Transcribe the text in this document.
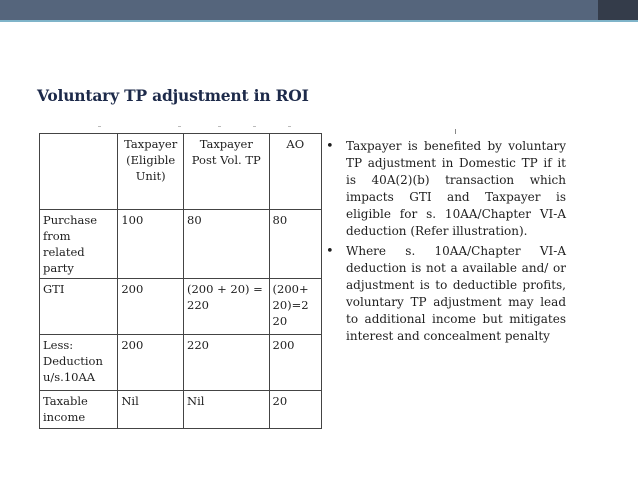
Voluntary TP adjustment in ROI
	Taxpayer (Eligible Unit)	Taxpayer Post Vol. TP	AO
Purchase from related party	100	80	80
GTI	200	(200 + 20) = 220	(200+ 20)=2 20
Less: Deduction u/s.10AA	200	220	200
Taxable income	Nil	Nil	20
• Taxpayer is benefited by voluntary TP adjustment in Domestic TP if it is 40A(2)(b) transaction which impacts GTI and Taxpayer is eligible for s. 10AA/Chapter VI-A deduction (Refer illustration).
• Where s. 10AA/Chapter VI-A deduction is not a available and/ or adjustment is to deductible profits, voluntary TP adjustment may lead to additional income but mitigates interest and concealment penalty
